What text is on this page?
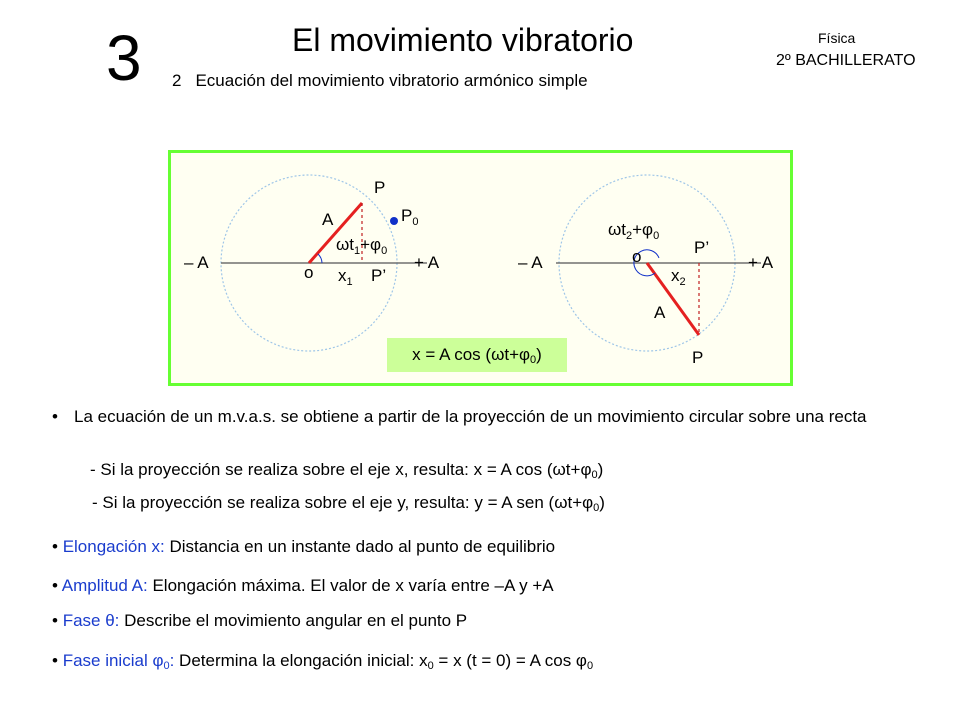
3	El movimiento vibratorio	Física
2º BACHILLERATO
2 Ecuación del movimiento vibratorio armónico simple
P
A	$P_0$
$\omega t_1+\varphi_0$
– A	+ A
o $x_1$ P’
$\omega t_2+\varphi_0$
o	P’
– A	+ A
$x_2$
A
P
x = A $\cos (\omega t+\varphi_0)$
• La ecuación de un m.v.a.s. se obtiene a partir de la proyección de un movimiento circular sobre una recta
- Si la proyección se realiza sobre el eje x, resulta: x = A $\cos (\omega t+\varphi_0)$
- Si la proyección se realiza sobre el eje y, resulta: y = A sen $(\omega t+\varphi_0)$
• Elongación x: Distancia en un instante dado al punto de equilibrio
• Amplitud A: Elongación máxima. El valor de x varía entre –A y +A
• Fase θ: Describe el movimiento angular en el punto P
• Fase inicial $\varphi_0$: Determina la elongación inicial: $x_0 = x$ (t = 0) = A $\cos \varphi_0$
